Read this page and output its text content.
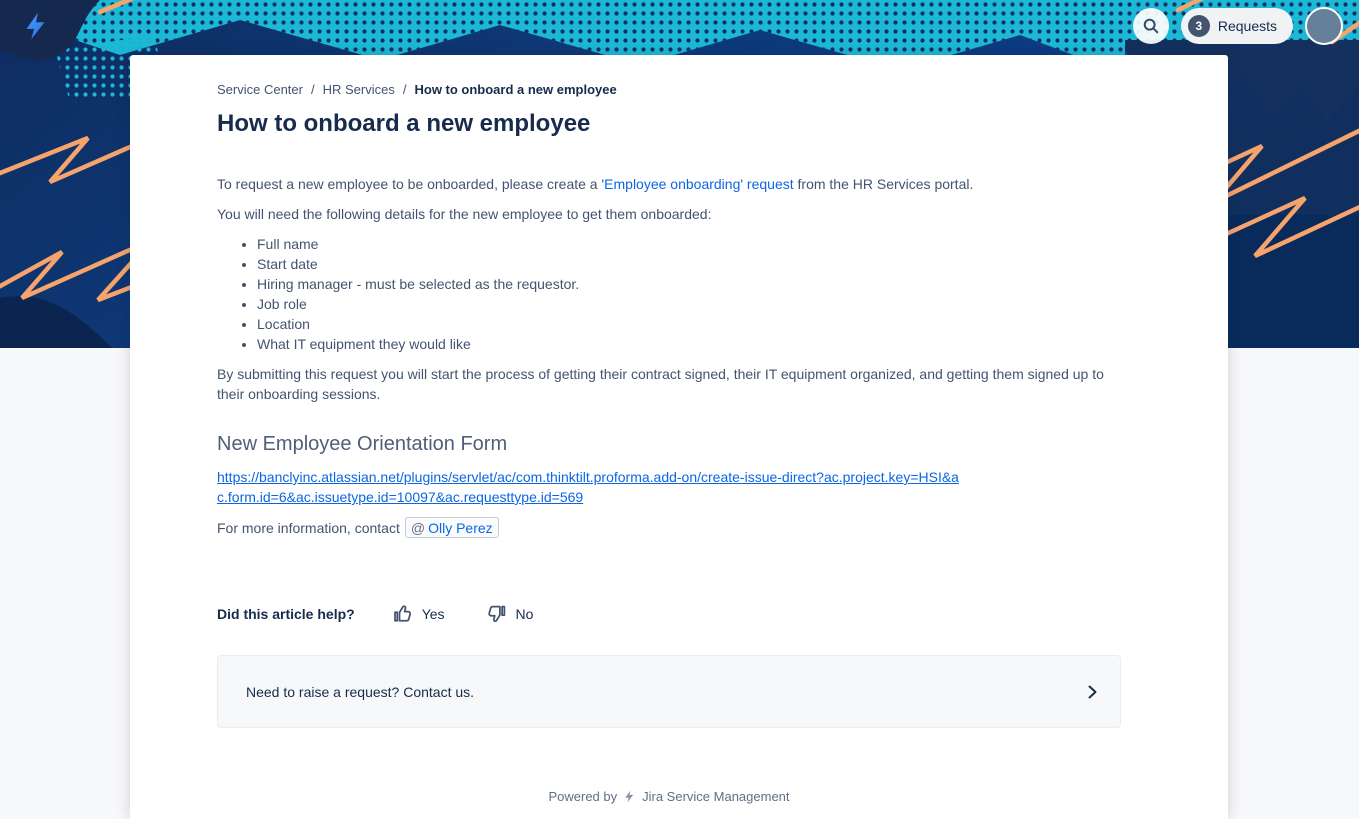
3	Requests
Service Center / HR Services / How to onboard a new employee
How to onboard a new employee

To request a new employee to be onboarded, please create a 'Employee onboarding' request from the HR Services portal.

You will need the following details for the new employee to get them onboarded:

• Full name
• Start date
• Hiring manager - must be selected as the requestor.
• Job role
• Location
• What IT equipment they would like

By submitting this request you will start the process of getting their contract signed, their IT equipment organized, and getting them signed up to their onboarding sessions.

New Employee Orientation Form
https://banclyinc.atlassian.net/plugins/servlet/ac/com.thinktilt.proforma.add-on/create-issue-direct?ac.project.key=HSI&ac.form.id=6&ac.issuetype.id=10097&ac.requesttype.id=569

For more information, contact @ Olly Perez

Did this article help?	Yes	No
Need to raise a request? Contact us.
Powered by Jira Service Management
